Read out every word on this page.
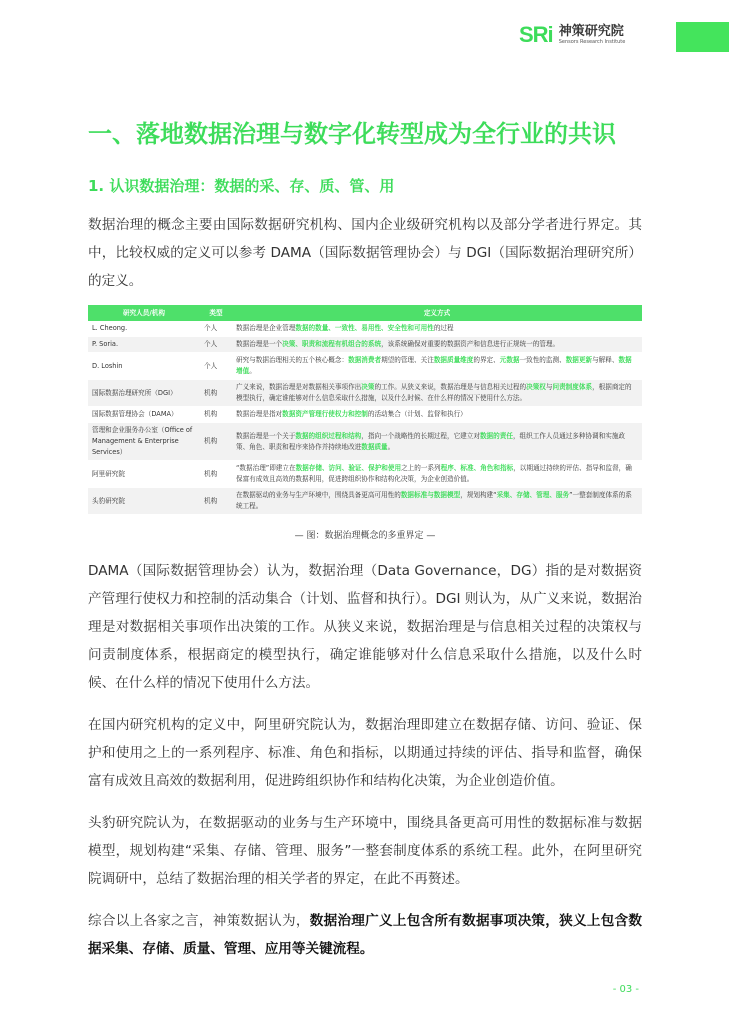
SRi 神策研究院
Sensors Research Institute
一、落地数据治理与数字化转型成为全行业的共识
1. 认识数据治理：数据的采、存、质、管、用

数据治理的概念主要由国际数据研究机构、国内企业级研究机构以及部分学者进行界定。其中，比较权威的定义可以参考 DAMA（国际数据管理协会）与 DGI（国际数据治理研究所）的定义。

研究人员/机构	类型	定义方式
L. Cheong.	个人	数据治理是企业管理数据的数量、一致性、易用性、安全性和可用性的过程
P. Soria.	个人	数据治理是一个决策、职责和流程有机组合的系统，该系统确保对重要的数据资产和信息进行正规统一的管理。
D. Loshin	个人	研究与数据治理相关的五个核心概念：数据消费者期望的管理、关注数据质量维度的界定、元数据一致性的监测、数据更新与解释、数据增值。
国际数据治理研究所（DGI）	机构	广义来说，数据治理是对数据相关事项作出决策的工作。从狭义来说，数据治理是与信息相关过程的决策权与问责制度体系，根据商定的模型执行，确定谁能够对什么信息采取什么措施，以及什么时候、在什么样的情况下使用什么方法。
国际数据管理协会（DAMA）	机构	数据治理是指对数据资产管理行使权力和控制的活动集合（计划、监督和执行）
管理和企业服务办公室（Office of Management & Enterprise Services）	机构	数据治理是一个关于数据的组织过程和结构，指向一个战略性的长期过程，它建立对数据的责任，组织工作人员通过多种协调和实施政策、角色、职责和程序来协作并持续地改进数据质量。
阿里研究院	机构	“数据治理”即建立在数据存储、访问、验证、保护和使用之上的一系列程序、标准、角色和指标，以期通过持续的评估、指导和监督，确保富有成效且高效的数据利用，促进跨组织协作和结构化决策，为企业创造价值。
头豹研究院	机构	在数据驱动的业务与生产环境中，围绕具备更高可用性的数据标准与数据模型，规划构建“采集、存储、管理、服务”一整套制度体系的系统工程。
— 图：数据治理概念的多重界定 —

DAMA（国际数据管理协会）认为，数据治理（Data Governance，DG）指的是对数据资产管理行使权力和控制的活动集合（计划、监督和执行）。DGI 则认为，从广义来说，数据治理是对数据相关事项作出决策的工作。从狭义来说，数据治理是与信息相关过程的决策权与问责制度体系，根据商定的模型执行，确定谁能够对什么信息采取什么措施，以及什么时候、在什么样的情况下使用什么方法。

在国内研究机构的定义中，阿里研究院认为，数据治理即建立在数据存储、访问、验证、保护和使用之上的一系列程序、标准、角色和指标，以期通过持续的评估、指导和监督，确保富有成效且高效的数据利用，促进跨组织协作和结构化决策，为企业创造价值。

头豹研究院认为，在数据驱动的业务与生产环境中，围绕具备更高可用性的数据标准与数据模型，规划构建“采集、存储、管理、服务”一整套制度体系的系统工程。此外，在阿里研究院调研中，总结了数据治理的相关学者的界定，在此不再赘述。

综合以上各家之言，神策数据认为，数据治理广义上包含所有数据事项决策，狭义上包含数据采集、存储、质量、管理、应用等关键流程。

- 03 -
